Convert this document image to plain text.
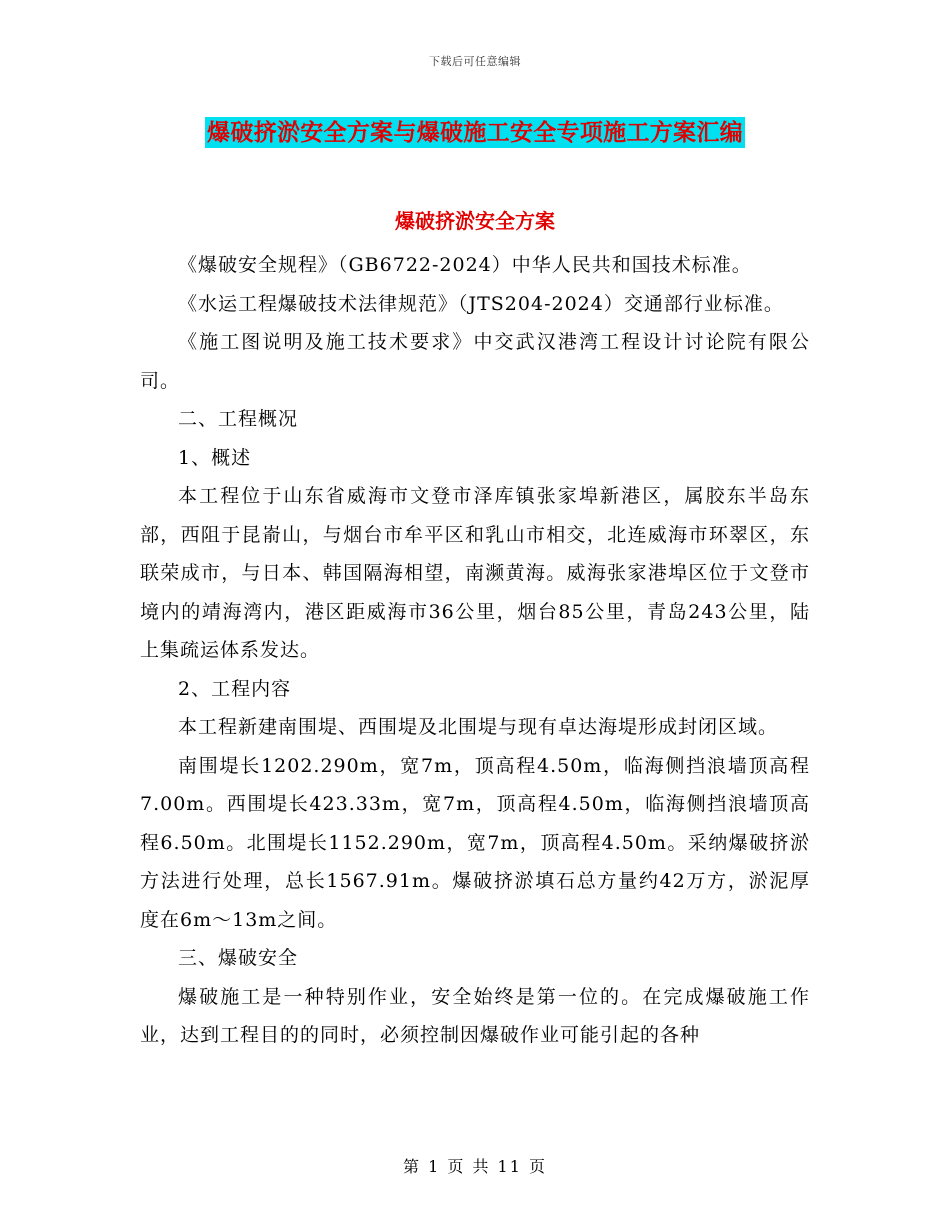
下载后可任意编辑
爆破挤淤安全方案与爆破施工安全专项施工方案汇编
爆破挤淤安全方案

《爆破安全规程》（GB6722-2024）中华人民共和国技术标准。

《水运工程爆破技术法律规范》（JTS204-2024）交通部行业标准。

《施工图说明及施工技术要求》中交武汉港湾工程设计讨论院有限公司。

二、工程概况

1、概述

本工程位于山东省威海市文登市泽库镇张家埠新港区，属胶东半岛东部，西阻于昆嵛山，与烟台市牟平区和乳山市相交，北连威海市环翠区，东联荣成市，与日本、韩国隔海相望，南濒黄海。威海张家港埠区位于文登市境内的靖海湾内，港区距威海市36公里，烟台85公里，青岛243公里，陆上集疏运体系发达。

2、工程内容

本工程新建南围堤、西围堤及北围堤与现有卓达海堤形成封闭区域。

南围堤长1202.290m，宽7m，顶高程4.50m，临海侧挡浪墙顶高程7.00m。西围堤长423.33m，宽7m，顶高程4.50m，临海侧挡浪墙顶高程6.50m。北围堤长1152.290m，宽7m，顶高程4.50m。采纳爆破挤淤方法进行处理，总长1567.91m。爆破挤淤填石总方量约42万方，淤泥厚度在6m～13m之间。

三、爆破安全

爆破施工是一种特别作业，安全始终是第一位的。在完成爆破施工作业，达到工程目的的同时，必须控制因爆破作业可能引起的各种

第 1 页 共 11 页
